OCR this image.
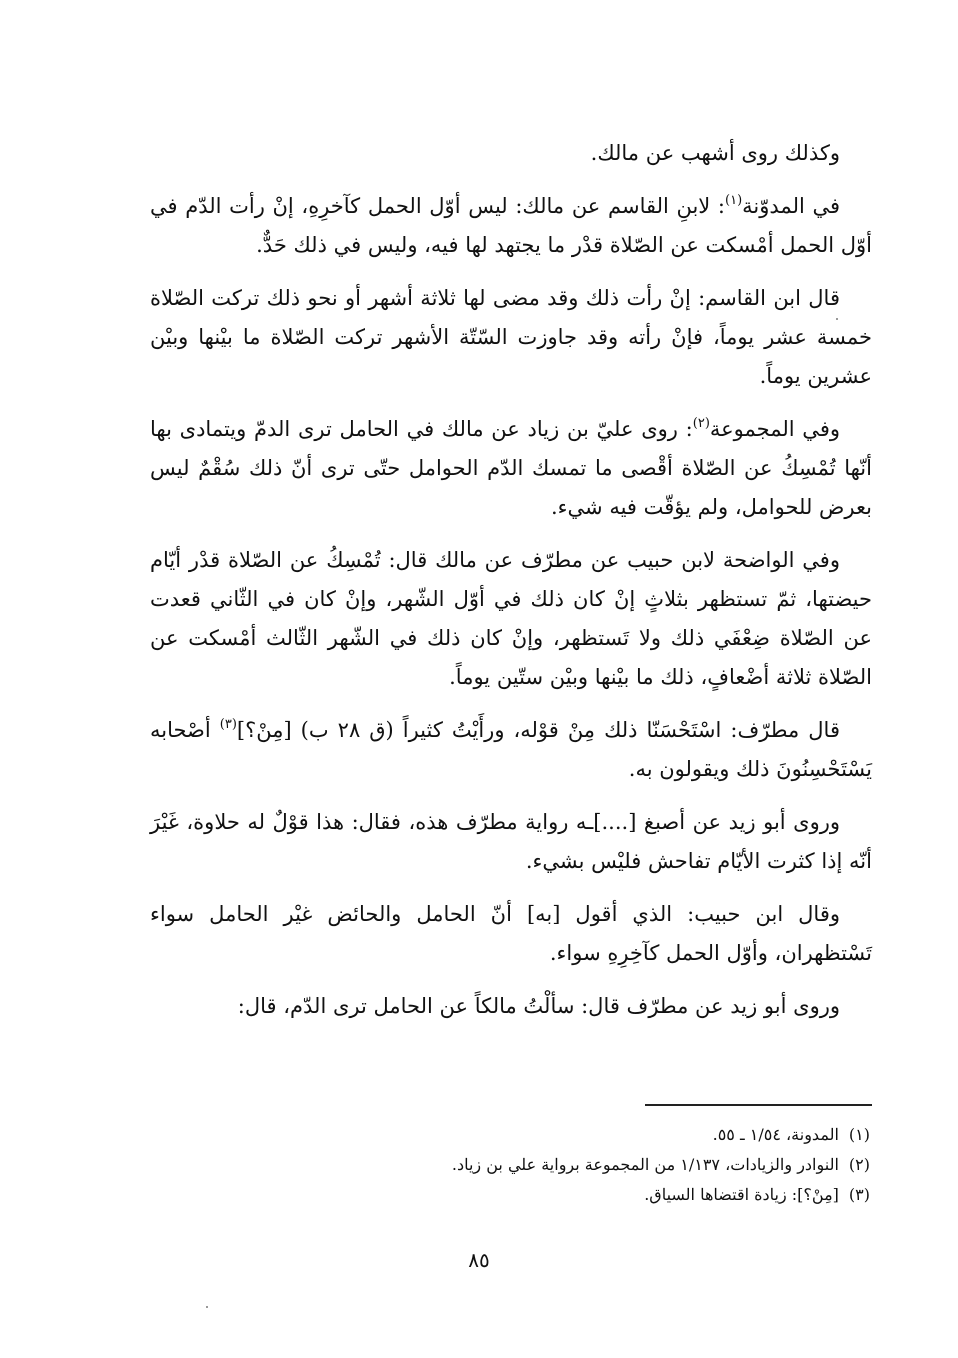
وكذلك روى أشهب عن مالك.

في المدوّنة$^{(١)}$: لابنِ القاسم عن مالك: ليس أوّل الحمل كآخرِهِ، إنْ رأت الدّم في أوّل الحمل أمْسكت عن الصّلاة قدْر ما يجتهد لها فيه، وليس في ذلك حَدٌّ.

قال ابن القاسم: إنْ رأت ذلك وقد مضى لها ثلاثة أشهر أو نحو ذلك تركت الصّلاة خمسة عشر يوماً، فإنْ رأته وقد جاوزت السّتّة الأشهر تركت الصّلاة ما بيْنها وبيْن عشرين يوماً.

وفي المجموعة$^{(٢)}$: روى عليّ بن زياد عن مالك في الحامل ترى الدمّ ويتمادى بها أنّها تُمْسِكُ عن الصّلاة أقْصى ما تمسك الدّم الحوامل حتّى ترى أنّ ذلك سُقْمٌ ليس بعرض للحوامل، ولم يؤقّت فيه شيء.

وفي الواضحة لابن حبيب عن مطرّف عن مالك قال: تُمْسِكُ عن الصّلاة قدْر أيّام حيضتها، ثمّ تستظهر بثلاثٍ إنْ كان ذلك في أوّل الشّهر، وإنْ كان في الثّاني قعدت عن الصّلاة ضِعْفَي ذلك ولا تَستظهر، وإنْ كان ذلك في الشّهر الثّالث أمْسكت عن الصّلاة ثلاثة أضْعافٍ، ذلك ما بيْنها وبيْن ستّين يوماً.

قال مطرّف: اسْتَحْسَنّا ذلك مِنْ قوْله، ورأَيْتُ كثيراً (ق ٢٨ ب) [مِنْ؟]$^{(٣)}$ أصْحابه يَسْتَحْسِنُونَ ذلك ويقولون به.

وروى أبو زيد عن أصبغ [....]ـه رواية مطرّف هذه، فقال: هذا قوْلٌ له حلاوة، غَيْرَ أنّه إذا كثرت الأيّام تفاحش فليْس بشيء.

وقال ابن حبيب: الذي أقول [به] أنّ الحامل والحائض غيْر الحامل سواء تَسْتظهران، وأوّل الحمل كآخِرِهِ سواء.

وروى أبو زيد عن مطرّف قال: سألْتُ مالكاً عن الحامل ترى الدّم، قال:

(١)المدونة، ١/٥٤ ـ ٥٥.

(٢)النوادر والزيادات، ١/١٣٧ من المجموعة برواية علي بن زياد.

(٣)[مِنْ؟]: زيادة اقتضاها السياق.

٨٥
